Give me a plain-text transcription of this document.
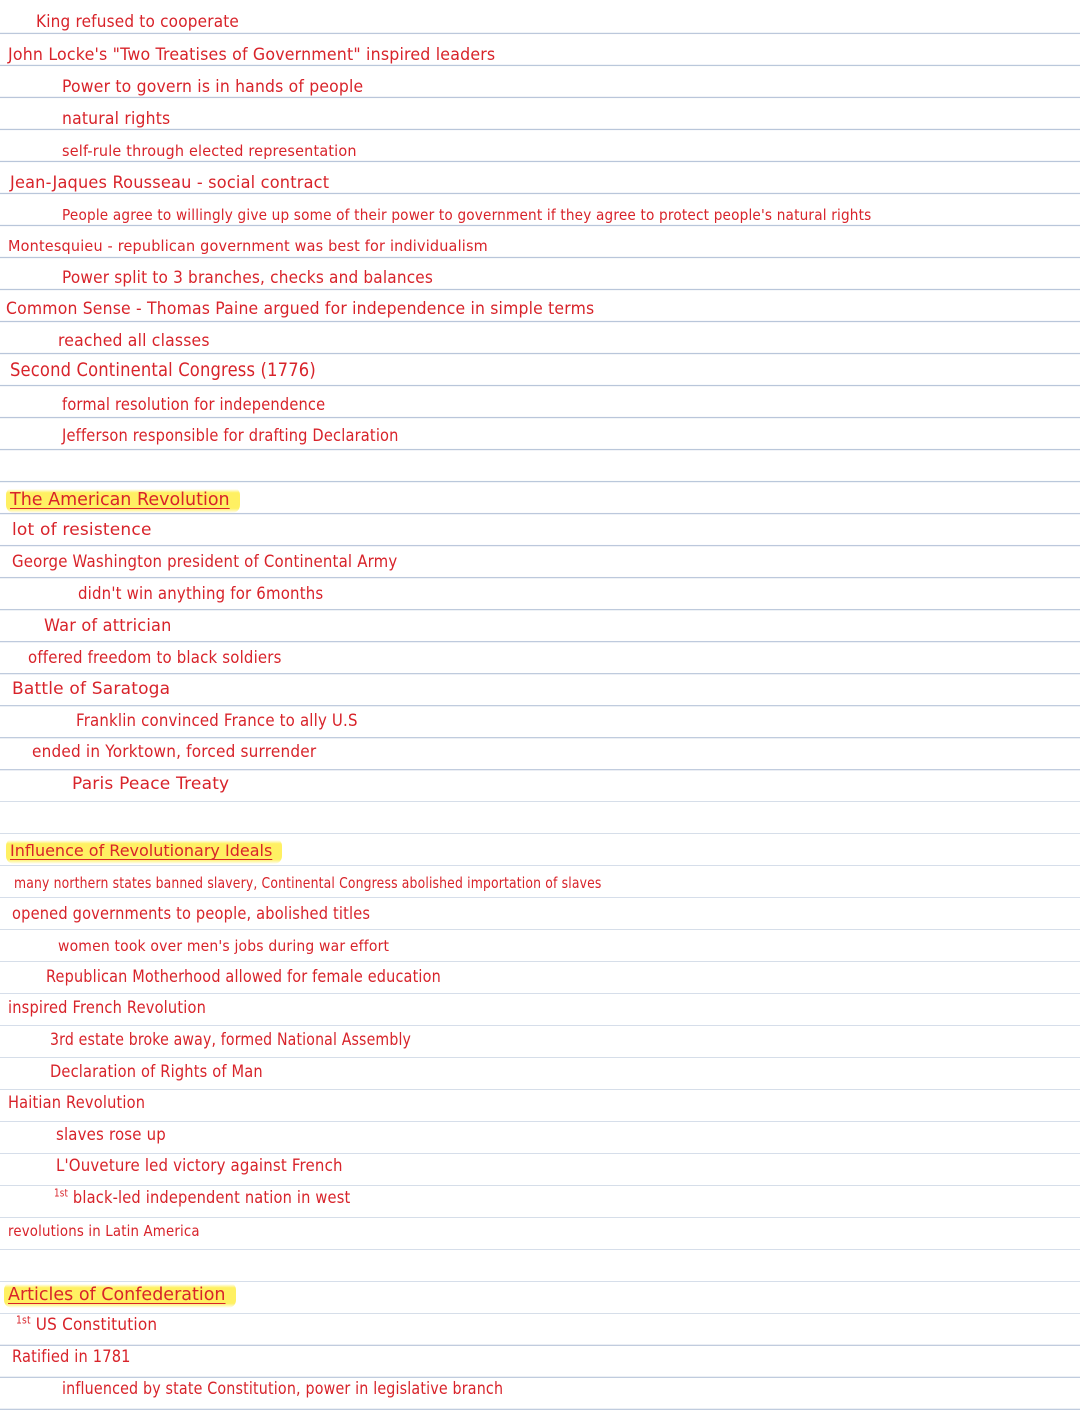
King refused to cooperate
John Locke's "Two Treatises of Government" inspired leaders
Power to govern is in hands of people
natural rights
self-rule through elected representation
Jean-Jaques Rousseau - social contract
People agree to willingly give up some of their power to government if they agree to protect people's natural rights
Montesquieu - republican government was best for individualism
Power split to 3 branches, checks and balances
Common Sense - Thomas Paine argued for independence in simple terms
reached all classes
Second Continental Congress (1776)
formal resolution for independence
Jefferson responsible for drafting Declaration
The American Revolution
lot of resistence
George Washington president of Continental Army
didn't win anything for 6months
War of attrician
offered freedom to black soldiers
Battle of Saratoga
Franklin convinced France to ally U.S
ended in Yorktown, forced surrender
Paris Peace Treaty
Influence of Revolutionary Ideals
many northern states banned slavery, Continental Congress abolished importation of slaves
opened governments to people, abolished titles
women took over men's jobs during war effort
Republican Motherhood allowed for female education
inspired French Revolution
3rd estate broke away, formed National Assembly
Declaration of Rights of Man
Haitian Revolution
slaves rose up
L'Ouveture led victory against French
$^{1st}$ black-led independent nation in west
revolutions in Latin America
Articles of Confederation
$^{1st}$ US Constitution
Ratified in 1781
influenced by state Constitution, power in legislative branch
